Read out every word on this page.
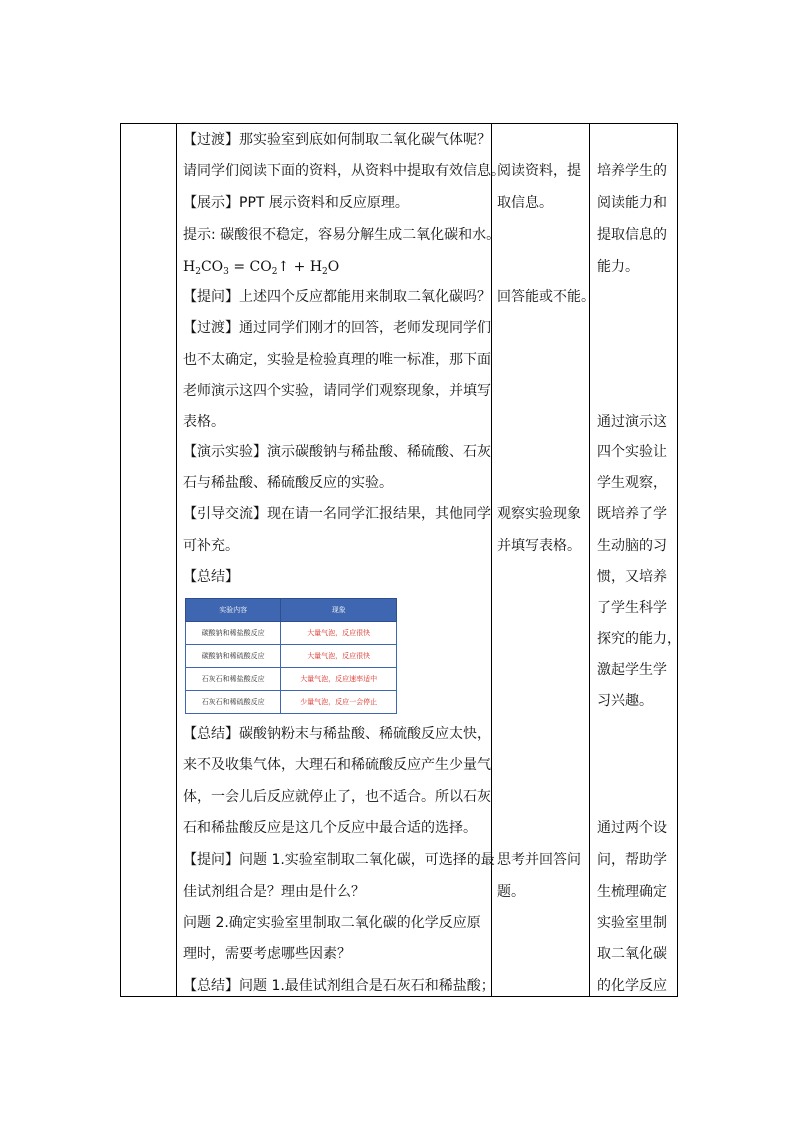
【过渡】那实验室到底如何制取二氧化碳气体呢？
请同学们阅读下面的资料，从资料中提取有效信息。
【展示】PPT 展示资料和反应原理。
提示: 碳酸很不稳定，容易分解生成二氧化碳和水。
【提问】上述四个反应都能用来制取二氧化碳吗？
【过渡】通过同学们刚才的回答，老师发现同学们
也不太确定，实验是检验真理的唯一标准，那下面
老师演示这四个实验，请同学们观察现象，并填写
表格。
【演示实验】演示碳酸钠与稀盐酸、稀硫酸、石灰
石与稀盐酸、稀硫酸反应的实验。
【引导交流】现在请一名同学汇报结果，其他同学
可补充。
【总结】
【总结】碳酸钠粉末与稀盐酸、稀硫酸反应太快，
来不及收集气体，大理石和稀硫酸反应产生少量气
体，一会儿后反应就停止了，也不适合。所以石灰
石和稀盐酸反应是这几个反应中最合适的选择。
【提问】问题 1.实验室制取二氧化碳，可选择的最
佳试剂组合是？理由是什么？
问题 2.确定实验室里制取二氧化碳的化学反应原
理时，需要考虑哪些因素？
【总结】问题 1.最佳试剂组合是石灰石和稀盐酸；
$H_2CO_3$ = $CO_2↑ + H_2O$
实验内容	现象
碳酸钠和稀盐酸反应	大量气泡，反应很快
碳酸钠和稀硫酸反应	大量气泡，反应很快
石灰石和稀盐酸反应	大量气泡，反应速率适中
石灰石和稀硫酸反应	少量气泡，反应一会停止
阅读资料，提
取信息。
回答能或不能。
观察实验现象
并填写表格。
思考并回答问
题。
培养学生的
阅读能力和
提取信息的
能力。
通过演示这
四个实验让
学生观察，
既培养了学
生动脑的习
惯，又培养
了学生科学
探究的能力，
激起学生学
习兴趣。
通过两个设
问，帮助学
生梳理确定
实验室里制
取二氧化碳
的化学反应
